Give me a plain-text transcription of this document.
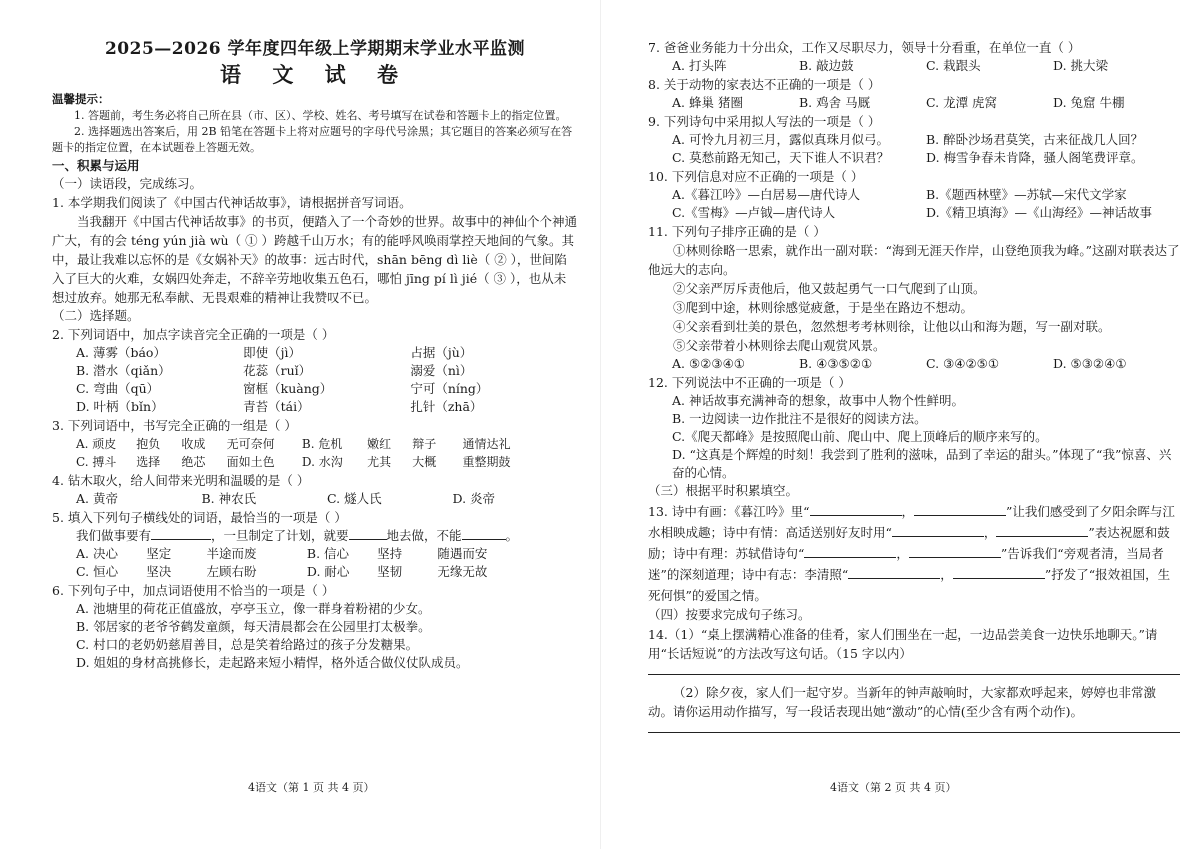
2025—2026 学年度四年级上学期期末学业水平监测
语 文 试 卷
温馨提示：
1. 答题前，考生务必将自己所在县（市、区）、学校、姓名、考号填写在试卷和答题卡上的指定位置。
2. 选择题选出答案后，用 2B 铅笔在答题卡上将对应题号的字母代号涂黑；其它题目的答案必须写在答题卡的指定位置，在本试题卷上答题无效。
一、积累与运用
（一）读语段，完成练习。
1. 本学期我们阅读了《中国古代神话故事》，请根据拼音写词语。
当我翻开《中国古代神话故事》的书页，便踏入了一个奇妙的世界。故事中的神仙个个神通广大，有的会 téng yún jià wù（ ① ）跨越千山万水；有的能呼风唤雨掌控天地间的气象。其中，最让我难以忘怀的是《女娲补天》的故事：远古时代，shān bēng dì liè（ ② ），世间陷入了巨大的火难，女娲四处奔走，不辞辛劳地收集五色石，哪怕 jīng pí lì jié（ ③ ），也从未想过放弃。她那无私奉献、无畏艰难的精神让我赞叹不已。
（二）选择题。
2. 下列词语中，加点字读音完全正确的一项是（ ）
A. 薄雾（báo）	即使（jì）	占据（jù）
B. 潜水（qiǎn）	花蕊（ruǐ）	溺爱（nì）
C. 弯曲（qū）	窗框（kuàng）	宁可（níng）
D. 叶柄（bǐn）	青苔（tái）	扎针（zhā）
3. 下列词语中，书写完全正确的一组是（ ）
A. 顽皮	抱负	收成	无可奈何	B. 危机	嫩红	辩子	通情达礼
C. 搏斗	选择	绝芯	面如土色	D. 水沟	尤其	大概	重整期鼓
4. 钻木取火，给人间带来光明和温暖的是（ ）
A. 黄帝	B. 神农氏	C. 燧人氏	D. 炎帝
5. 填入下列句子横线处的词语，最恰当的一项是（ ）
我们做事要有	，一旦制定了计划，就要	地去做，不能	。
A. 决心	坚定	半途而废	B. 信心	坚持	随遇而安
C. 恒心	坚决	左顾右盼	D. 耐心	坚韧	无缘无故
6. 下列句子中，加点词语使用不恰当的一项是（ ）
A. 池塘里的荷花正值盛放，亭亭玉立，像一群身着粉裙的少女。
B. 邻居家的老爷爷鹤发童颜，每天清晨都会在公园里打太极拳。
C. 村口的老奶奶慈眉善目，总是笑着给路过的孩子分发糖果。
D. 姐姐的身材高挑修长，走起路来短小精悍，格外适合做仪仗队成员。
4语文（第 1 页 共 4 页）
7. 爸爸业务能力十分出众，工作又尽职尽力，领导十分看重，在单位一直（ ）
A. 打头阵	B. 敲边鼓	C. 栽跟头	D. 挑大梁
8. 关于动物的家表达不正确的一项是（ ）
A. 蜂巢 猪圈	B. 鸡舍 马厩	C. 龙潭 虎窝	D. 兔窟 牛棚
9. 下列诗句中采用拟人写法的一项是（ ）
A. 可怜九月初三月，露似真珠月似弓。	B. 醉卧沙场君莫笑，古来征战几人回？
C. 莫愁前路无知己，天下谁人不识君？	D. 梅雪争春未肯降，骚人阁笔费评章。
10. 下列信息对应不正确的一项是（ ）
A.《暮江吟》—白居易—唐代诗人	B.《题西林壁》—苏轼—宋代文学家
C.《雪梅》—卢钺—唐代诗人	D.《精卫填海》—《山海经》—神话故事
11. 下列句子排序正确的是（ ）
①林则徐略一思索，就作出一副对联：“海到无涯天作岸，山登绝顶我为峰。”这副对联表达了他远大的志向。
②父亲严厉斥责他后，他又鼓起勇气一口气爬到了山顶。
③爬到中途，林则徐感觉疲惫，于是坐在路边不想动。
④父亲看到壮美的景色，忽然想考考林则徐，让他以山和海为题，写一副对联。
⑤父亲带着小林则徐去爬山观赏风景。
A. ⑤②③④①	B. ④③⑤②①	C. ③④②⑤①	D. ⑤③②④①
12. 下列说法中不正确的一项是（ ）
A. 神话故事充满神奇的想象，故事中人物个性鲜明。
B. 一边阅读一边作批注不是很好的阅读方法。
C.《爬天都峰》是按照爬山前、爬山中、爬上顶峰后的顺序来写的。
D. “这真是个辉煌的时刻！我尝到了胜利的滋味，品到了幸运的甜头。”体现了“我”惊喜、兴奋的心情。
（三）根据平时积累填空。
13. 诗中有画：《暮江吟》里“	，	”让我们感受到了夕阳余晖与江水相映成趣；诗中有情：高适送别好友时用“	，	”表达祝愿和鼓励；诗中有理：苏轼借诗句“	，	”告诉我们“旁观者清，当局者迷”的深刻道理；诗中有志：李清照“	，	”抒发了“报效祖国，生死何惧”的爱国之情。
（四）按要求完成句子练习。
14.（1）“桌上摆满精心准备的佳肴，家人们围坐在一起，一边品尝美食一边快乐地聊天。”请用“长话短说”的方法改写这句话。（15 字以内）
（2）除夕夜，家人们一起守岁。当新年的钟声敲响时，大家都欢呼起来，婷婷也非常激动。请你运用动作描写，写一段话表现出她“激动”的心情(至少含有两个动作)。
4语文（第 2 页 共 4 页）
